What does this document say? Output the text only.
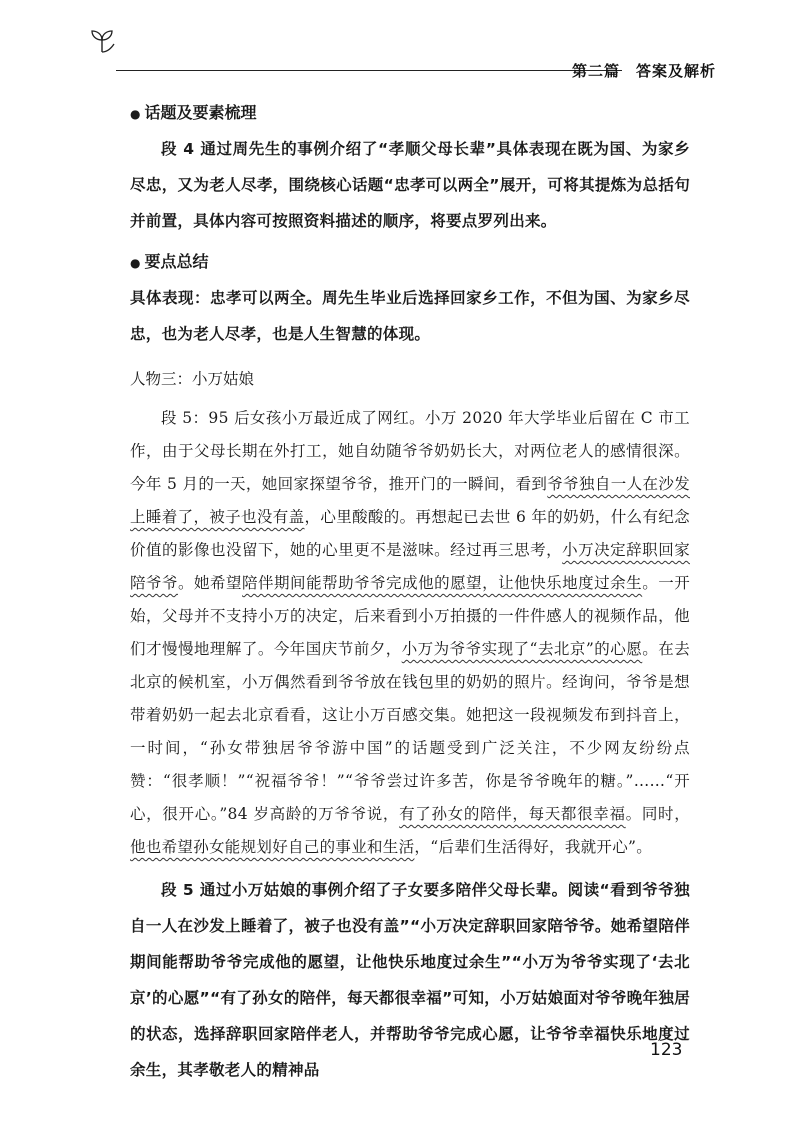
第二篇　答案及解析

● 话题及要素梳理

段 4 通过周先生的事例介绍了“孝顺父母长辈”具体表现在既为国、为家乡尽忠，又为老人尽孝，围绕核心话题“忠孝可以两全”展开，可将其提炼为总括句并前置，具体内容可按照资料描述的顺序，将要点罗列出来。

● 要点总结

具体表现：忠孝可以两全。周先生毕业后选择回家乡工作，不但为国、为家乡尽忠，也为老人尽孝，也是人生智慧的体现。

人物三：小万姑娘

段 5：95 后女孩小万最近成了网红。小万 2020 年大学毕业后留在 C 市工作，由于父母长期在外打工，她自幼随爷爷奶奶长大，对两位老人的感情很深。今年 5 月的一天，她回家探望爷爷，推开门的一瞬间，看到爷爷独自一人在沙发上睡着了，被子也没有盖，心里酸酸的。再想起已去世 6 年的奶奶，什么有纪念价值的影像也没留下，她的心里更不是滋味。经过再三思考，小万决定辞职回家陪爷爷。她希望陪伴期间能帮助爷爷完成他的愿望，让他快乐地度过余生。一开始，父母并不支持小万的决定，后来看到小万拍摄的一件件感人的视频作品，他们才慢慢地理解了。今年国庆节前夕，小万为爷爷实现了“去北京”的心愿。在去北京的候机室，小万偶然看到爷爷放在钱包里的奶奶的照片。经询问，爷爷是想带着奶奶一起去北京看看，这让小万百感交集。她把这一段视频发布到抖音上，一时间，“孙女带独居爷爷游中国”的话题受到广泛关注，不少网友纷纷点赞：“很孝顺！”“祝福爷爷！”“爷爷尝过许多苦，你是爷爷晚年的糖。”……“开心，很开心。”84 岁高龄的万爷爷说，有了孙女的陪伴，每天都很幸福。同时，他也希望孙女能规划好自己的事业和生活，“后辈们生活得好，我就开心”。

段 5 通过小万姑娘的事例介绍了子女要多陪伴父母长辈。阅读“看到爷爷独自一人在沙发上睡着了，被子也没有盖”“小万决定辞职回家陪爷爷。她希望陪伴期间能帮助爷爷完成他的愿望，让他快乐地度过余生”“小万为爷爷实现了‘去北京’的心愿”“有了孙女的陪伴，每天都很幸福”可知，小万姑娘面对爷爷晚年独居的状态，选择辞职回家陪伴老人，并帮助爷爷完成心愿，让爷爷幸福快乐地度过余生，其孝敬老人的精神品

123
